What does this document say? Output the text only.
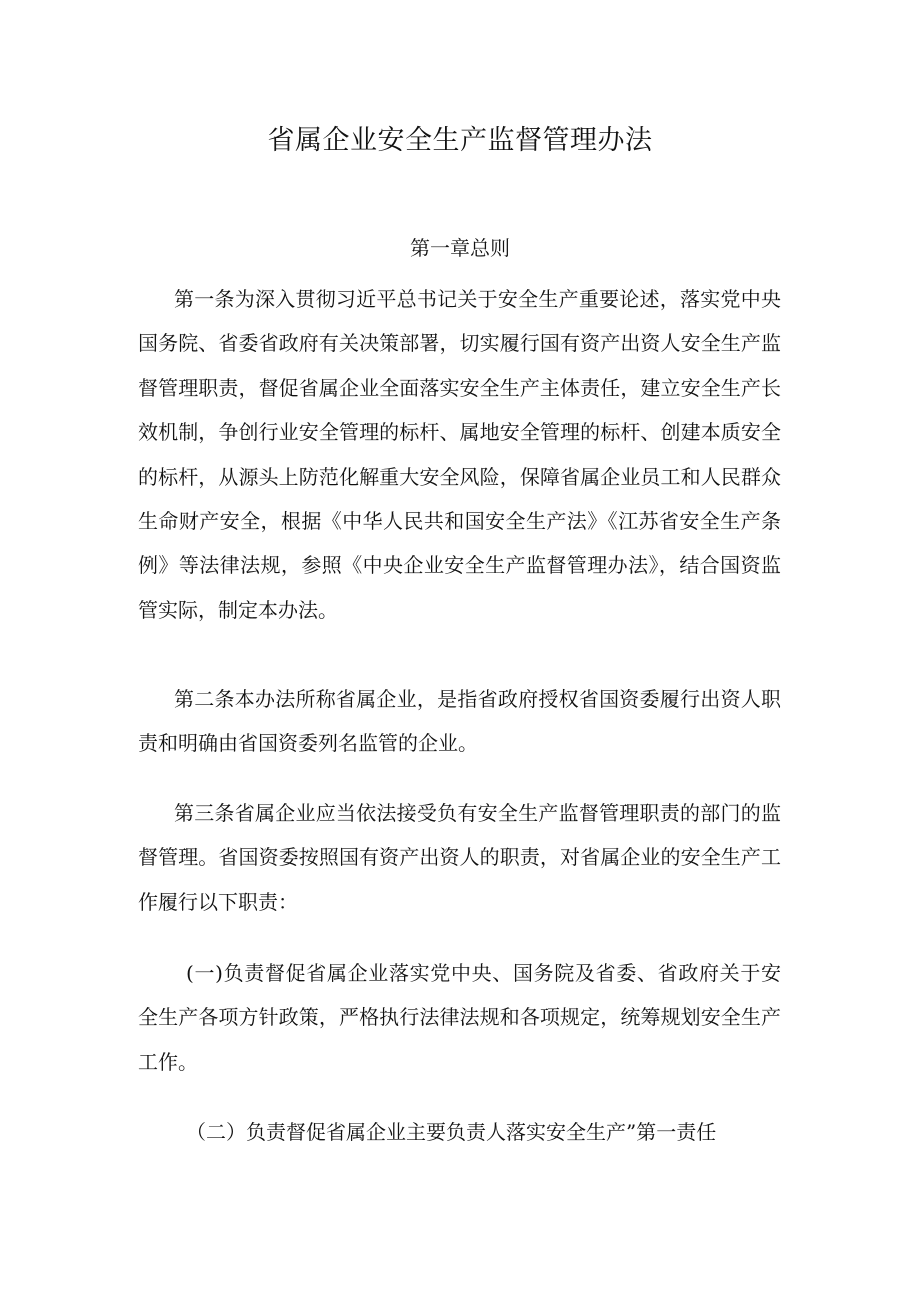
省属企业安全生产监督管理办法
第一章总则

第一条为深入贯彻习近平总书记关于安全生产重要论述，落实党中央国务院、省委省政府有关决策部署，切实履行国有资产出资人安全生产监督管理职责，督促省属企业全面落实安全生产主体责任，建立安全生产长效机制，争创行业安全管理的标杆、属地安全管理的标杆、创建本质安全的标杆，从源头上防范化解重大安全风险，保障省属企业员工和人民群众生命财产安全，根据《中华人民共和国安全生产法》《江苏省安全生产条例》等法律法规，参照《中央企业安全生产监督管理办法》，结合国资监管实际，制定本办法。

第二条本办法所称省属企业，是指省政府授权省国资委履行出资人职责和明确由省国资委列名监管的企业。

第三条省属企业应当依法接受负有安全生产监督管理职责的部门的监督管理。省国资委按照国有资产出资人的职责，对省属企业的安全生产工作履行以下职责：

(一)负责督促省属企业落实党中央、国务院及省委、省政府关于安全生产各项方针政策，严格执行法律法规和各项规定，统筹规划安全生产工作。

（二）负责督促省属企业主要负责人落实安全生产”第一责任
